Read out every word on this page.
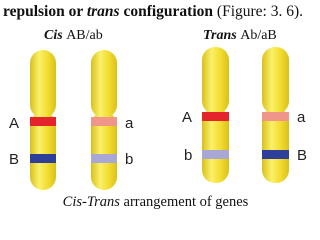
repulsion or trans configuration (Figure: 3. 6).
Cis AB/ab	Trans Ab/aB
A
B
a
b
A
b
a
B
Cis-Trans arrangement of genes
